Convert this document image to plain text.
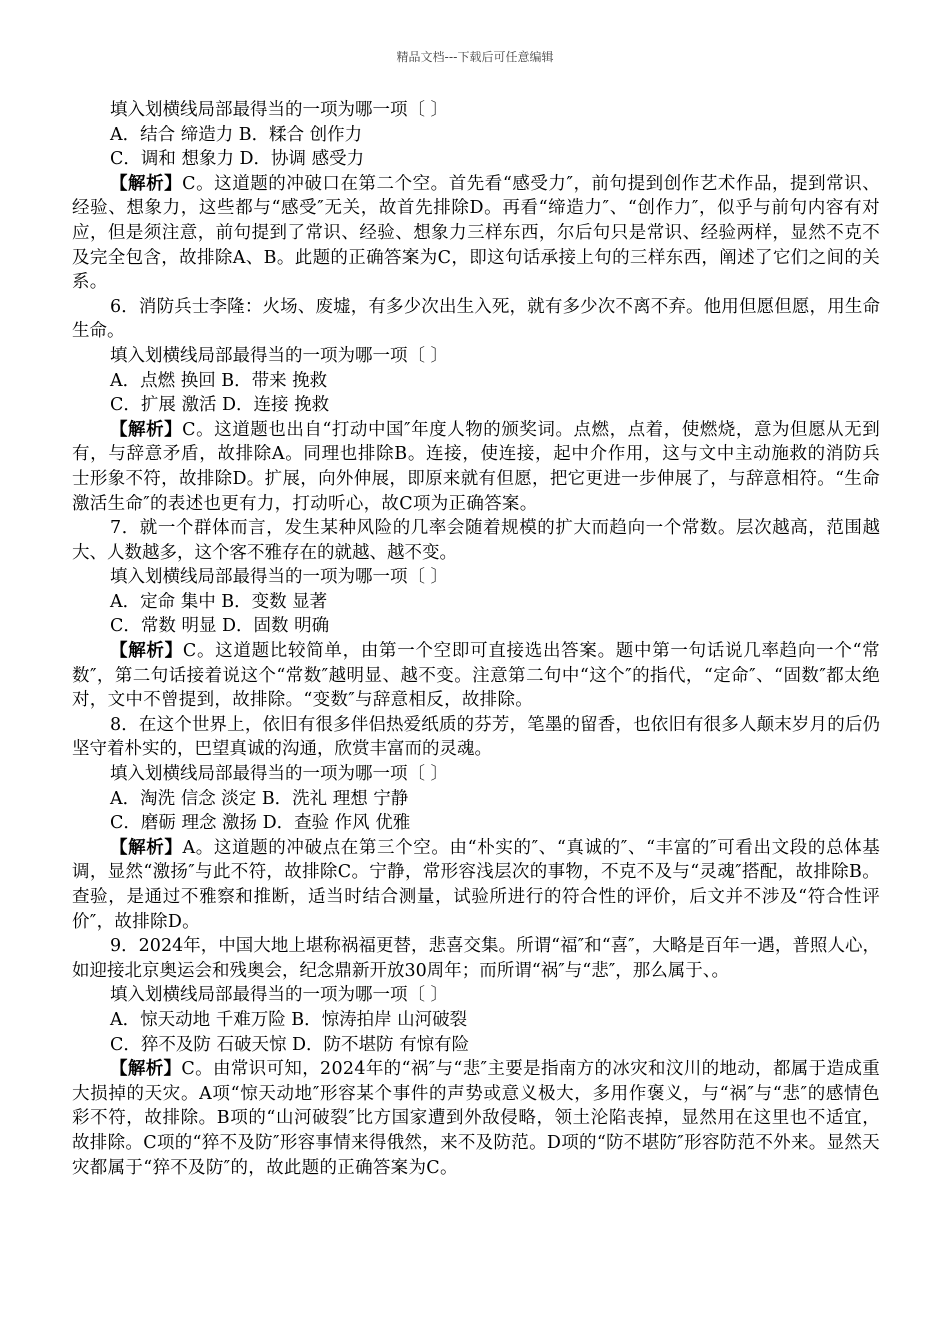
精品文档---下载后可任意编辑

填入划横线局部最得当的一项为哪一项〔 〕

A．结合 缔造力 B．糅合 创作力

C．调和 想象力 D．协调 感受力

【解析】C。这道题的冲破口在第二个空。首先看“感受力″，前句提到创作艺术作品，提到常识、经验、想象力，这些都与“感受″无关，故首先排除D。再看“缔造力″、“创作力″，似乎与前句内容有对应，但是须注意，前句提到了常识、经验、想象力三样东西，尔后句只是常识、经验两样，显然不克不及完全包含，故排除A、B。此题的正确答案为C，即这句话承接上句的三样东西，阐述了它们之间的关系。

6．消防兵士李隆：火场、废墟，有多少次出生入死，就有多少次不离不弃。他用但愿但愿，用生命生命。

填入划横线局部最得当的一项为哪一项〔 〕

A．点燃 换回 B．带来 挽救

C．扩展 激活 D．连接 挽救

【解析】C。这道题也出自“打动中国″年度人物的颁奖词。点燃，点着，使燃烧，意为但愿从无到有，与辞意矛盾，故排除A。同理也排除B。连接，使连接，起中介作用，这与文中主动施救的消防兵士形象不符，故排除D。扩展，向外伸展，即原来就有但愿，把它更进一步伸展了，与辞意相符。“生命激活生命″的表述也更有力，打动听心，故C项为正确答案。

7．就一个群体而言，发生某种风险的几率会随着规模的扩大而趋向一个常数。层次越高，范围越大、人数越多，这个客不雅存在的就越、越不变。

填入划横线局部最得当的一项为哪一项〔 〕

A．定命 集中 B．变数 显著

C．常数 明显 D．固数 明确

【解析】C。这道题比较简单，由第一个空即可直接选出答案。题中第一句话说几率趋向一个“常数″，第二句话接着说这个“常数″越明显、越不变。注意第二句中“这个″的指代，“定命″、“固数″都太绝对，文中不曾提到，故排除。“变数″与辞意相反，故排除。

8．在这个世界上，依旧有很多伴侣热爱纸质的芬芳，笔墨的留香，也依旧有很多人颠末岁月的后仍坚守着朴实的，巴望真诚的沟通，欣赏丰富而的灵魂。

填入划横线局部最得当的一项为哪一项〔 〕

A．淘洗 信念 淡定 B．洗礼 理想 宁静

C．磨砺 理念 激扬 D．查验 作风 优雅

【解析】A。这道题的冲破点在第三个空。由“朴实的″、“真诚的″、“丰富的″可看出文段的总体基调，显然“激扬″与此不符，故排除C。宁静，常形容浅层次的事物，不克不及与“灵魂″搭配，故排除B。查验，是通过不雅察和推断，适当时结合测量，试验所进行的符合性的评价，后文并不涉及“符合性评价″，故排除D。

9．2024年，中国大地上堪称祸福更替，悲喜交集。所谓“福″和“喜″，大略是百年一遇，普照人心，如迎接北京奥运会和残奥会，纪念鼎新开放30周年；而所谓“祸″与“悲″，那么属于、。

填入划横线局部最得当的一项为哪一项〔 〕

A．惊天动地 千难万险 B．惊涛拍岸 山河破裂

C．猝不及防 石破天惊 D．防不堪防 有惊有险

【解析】C。由常识可知，2024年的“祸″与“悲″主要是指南方的冰灾和汶川的地动，都属于造成重大损掉的天灾。A项“惊天动地″形容某个事件的声势或意义极大，多用作褒义，与“祸″与“悲″的感情色彩不符，故排除。B项的“山河破裂″比方国家遭到外敌侵略，领土沦陷丧掉，显然用在这里也不适宜，故排除。C项的“猝不及防″形容事情来得俄然，来不及防范。D项的“防不堪防″形容防范不外来。显然天灾都属于“猝不及防″的，故此题的正确答案为C。
